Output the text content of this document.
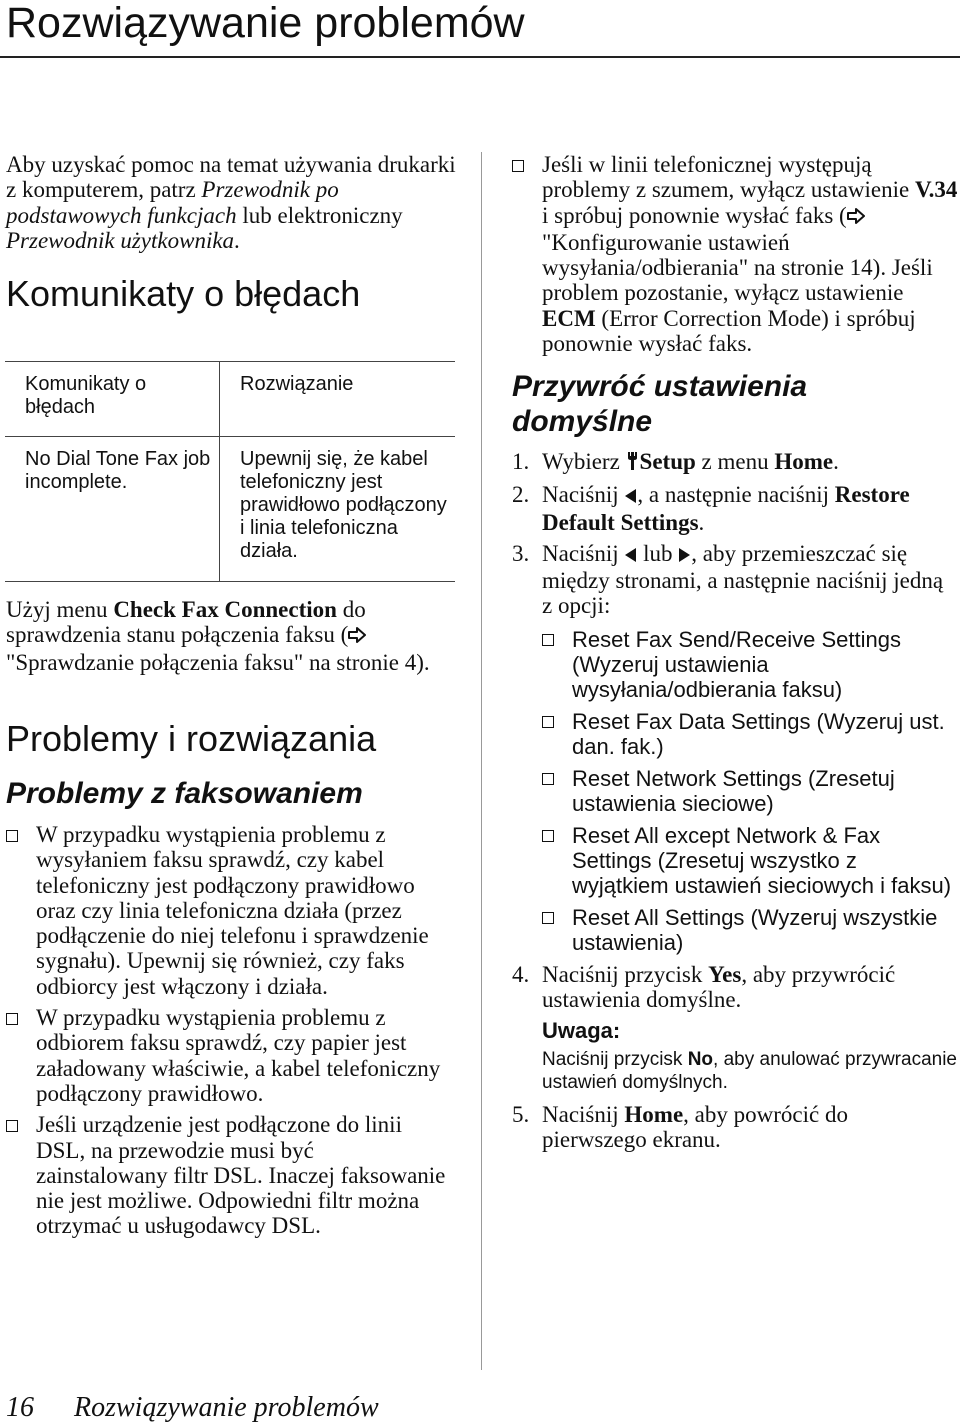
Rozwiązywanie problemów
Aby uzyskać pomoc na temat używania drukarki z komputerem, patrz Przewodnik po podstawowych funkcjach lub elektroniczny Przewodnik użytkownika.
Komunikaty o błędach
Komunikaty o błędach	Rozwiązanie
No Dial Tone Fax job incomplete.	Upewnij się, że kabel telefoniczny jest prawidłowo podłączony i linia telefoniczna działa.
Użyj menu Check Fax Connection do sprawdzenia stanu połączenia faksu ( "Sprawdzanie połączenia faksu" na stronie 4).
Problemy i rozwiązania
Problemy z faksowaniem
W przypadku wystąpienia problemu z wysyłaniem faksu sprawdź, czy kabel telefoniczny jest podłączony prawidłowo oraz czy linia telefoniczna działa (przez podłączenie do niej telefonu i sprawdzenie sygnału). Upewnij się również, czy faks odbiorcy jest włączony i działa.
W przypadku wystąpienia problemu z odbiorem faksu sprawdź, czy papier jest załadowany właściwie, a kabel telefoniczny podłączony prawidłowo.
Jeśli urządzenie jest podłączone do linii DSL, na przewodzie musi być zainstalowany filtr DSL. Inaczej faksowanie nie jest możliwe. Odpowiedni filtr można otrzymać u usługodawcy DSL.
Jeśli w linii telefonicznej występują problemy z szumem, wyłącz ustawienie V.34 i spróbuj ponownie wysłać faks ( "Konfigurowanie ustawień wysyłania/odbierania" na stronie 14). Jeśli problem pozostanie, wyłącz ustawienie ECM (Error Correction Mode) i spróbuj ponownie wysłać faks.
Przywróć ustawienia domyślne
1. Wybierz Setup z menu Home.
2. Naciśnij , a następnie naciśnij Restore Default Settings.
3. Naciśnij  lub , aby przemieszczać się między stronami, a następnie naciśnij jedną z opcji:
Reset Fax Send/Receive Settings (Wyzeruj ustawienia wysyłania/odbierania faksu)
Reset Fax Data Settings (Wyzeruj ust. dan. fak.)
Reset Network Settings (Zresetuj ustawienia sieciowe)
Reset All except Network & Fax Settings (Zresetuj wszystko z wyjątkiem ustawień sieciowych i faksu)
Reset All Settings (Wyzeruj wszystkie ustawienia)
4. Naciśnij przycisk Yes, aby przywrócić ustawienia domyślne.
Uwaga:
Naciśnij przycisk No, aby anulować przywracanie ustawień domyślnych.
5. Naciśnij Home, aby powrócić do pierwszego ekranu.
16 Rozwiązywanie problemów
